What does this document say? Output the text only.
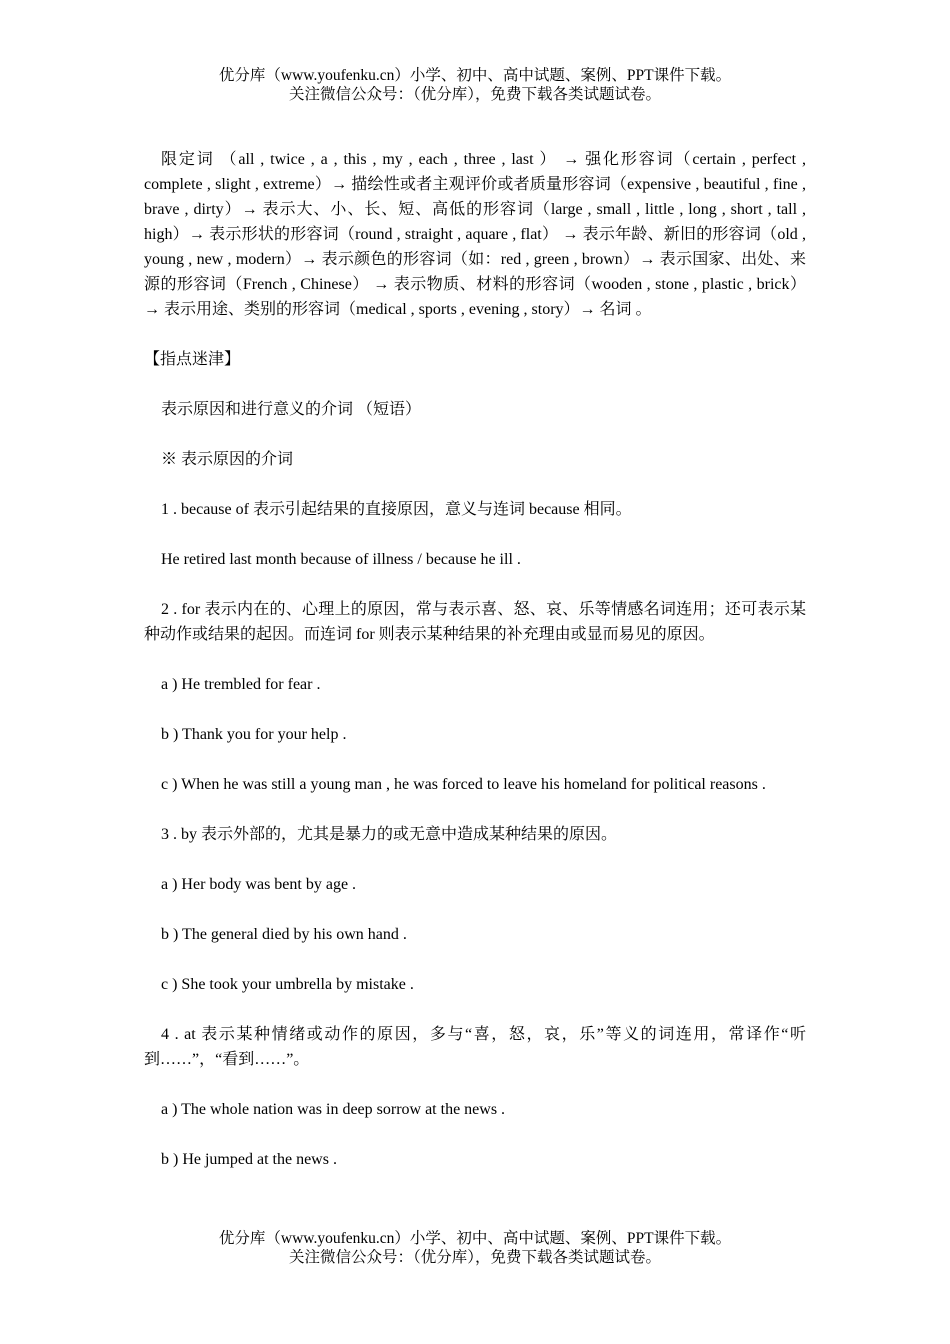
优分库（www.youfenku.cn）小学、初中、高中试题、案例、PPT课件下载。
关注微信公众号：（优分库），免费下载各类试题试卷。

限定词 （all , twice , a , this , my , each , three , last ） → 强化形容词（certain , perfect , complete , slight , extreme）→ 描绘性或者主观评价或者质量形容词（expensive , beautiful , fine , brave , dirty）→ 表示大、小、长、短、高低的形容词（large , small , little , long , short , tall , high）→ 表示形状的形容词（round , straight , aquare , flat） → 表示年龄、新旧的形容词（old , young , new , modern）→ 表示颜色的形容词（如：red , green , brown）→ 表示国家、出处、来源的形容词（French , Chinese） → 表示物质、材料的形容词（wooden , stone , plastic , brick）→ 表示用途、类别的形容词（medical , sports , evening , story）→ 名词 。

【指点迷津】

表示原因和进行意义的介词 （短语）

※ 表示原因的介词

1 . because of 表示引起结果的直接原因，意义与连词 because 相同。

He retired last month because of illness / because he ill .

2 . for 表示内在的、心理上的原因，常与表示喜、怒、哀、乐等情感名词连用；还可表示某种动作或结果的起因。而连词 for 则表示某种结果的补充理由或显而易见的原因。

a ) He trembled for fear .

b ) Thank you for your help .

c ) When he was still a young man , he was forced to leave his homeland for political reasons .

3 . by 表示外部的，尤其是暴力的或无意中造成某种结果的原因。

a ) Her body was bent by age .

b ) The general died by his own hand .

c ) She took your umbrella by mistake .

4 . at 表示某种情绪或动作的原因，多与“喜，怒，哀，乐”等义的词连用，常译作“听到……”，“看到……”。

a ) The whole nation was in deep sorrow at the news .

b ) He jumped at the news .

优分库（www.youfenku.cn）小学、初中、高中试题、案例、PPT课件下载。
关注微信公众号：（优分库），免费下载各类试题试卷。
